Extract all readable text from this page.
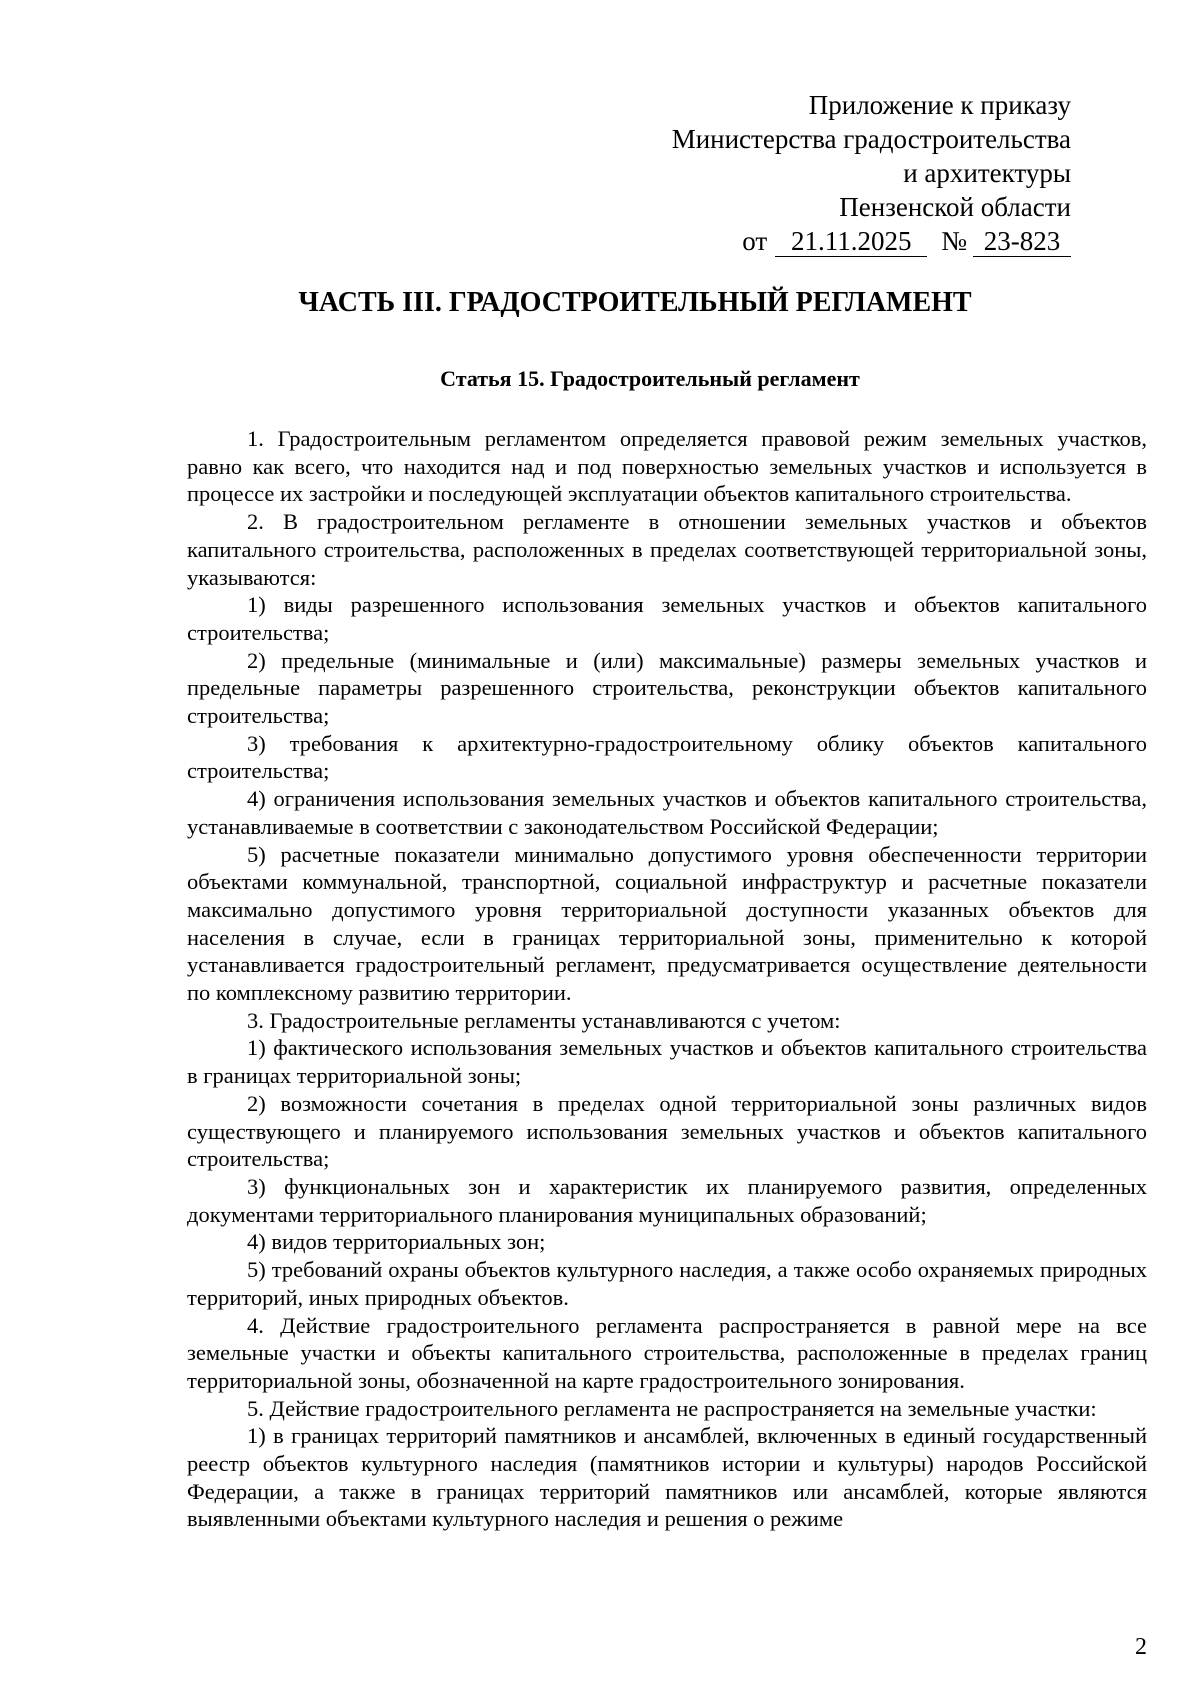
Приложение к приказу
Министерства градостроительства
и архитектуры
Пензенской области
от 21.11.2025 № 23-823
ЧАСТЬ III. ГРАДОСТРОИТЕЛЬНЫЙ РЕГЛАМЕНТ
Статья 15. Градостроительный регламент

1. Градостроительным регламентом определяется правовой режим земельных участков, равно как всего, что находится над и под поверхностью земельных участков и используется в процессе их застройки и последующей эксплуатации объектов капитального строительства.

2. В градостроительном регламенте в отношении земельных участков и объектов капитального строительства, расположенных в пределах соответствующей территориальной зоны, указываются:

1) виды разрешенного использования земельных участков и объектов капитального строительства;

2) предельные (минимальные и (или) максимальные) размеры земельных участков и предельные параметры разрешенного строительства, реконструкции объектов капитального строительства;

3) требования к архитектурно-градостроительному облику объектов капитального строительства;

4) ограничения использования земельных участков и объектов капитального строительства, устанавливаемые в соответствии с законодательством Российской Федерации;

5) расчетные показатели минимально допустимого уровня обеспеченности территории объектами коммунальной, транспортной, социальной инфраструктур и расчетные показатели максимально допустимого уровня территориальной доступности указанных объектов для населения в случае, если в границах территориальной зоны, применительно к которой устанавливается градостроительный регламент, предусматривается осуществление деятельности по комплексному развитию территории.

3. Градостроительные регламенты устанавливаются с учетом:

1) фактического использования земельных участков и объектов капитального строительства в границах территориальной зоны;

2) возможности сочетания в пределах одной территориальной зоны различных видов существующего и планируемого использования земельных участков и объектов капитального строительства;

3) функциональных зон и характеристик их планируемого развития, определенных документами территориального планирования муниципальных образований;

4) видов территориальных зон;

5) требований охраны объектов культурного наследия, а также особо охраняемых природных территорий, иных природных объектов.

4. Действие градостроительного регламента распространяется в равной мере на все земельные участки и объекты капитального строительства, расположенные в пределах границ территориальной зоны, обозначенной на карте градостроительного зонирования.

5. Действие градостроительного регламента не распространяется на земельные участки:

1) в границах территорий памятников и ансамблей, включенных в единый государственный реестр объектов культурного наследия (памятников истории и культуры) народов Российской Федерации, а также в границах территорий памятников или ансамблей, которые являются выявленными объектами культурного наследия и решения о режиме

2
